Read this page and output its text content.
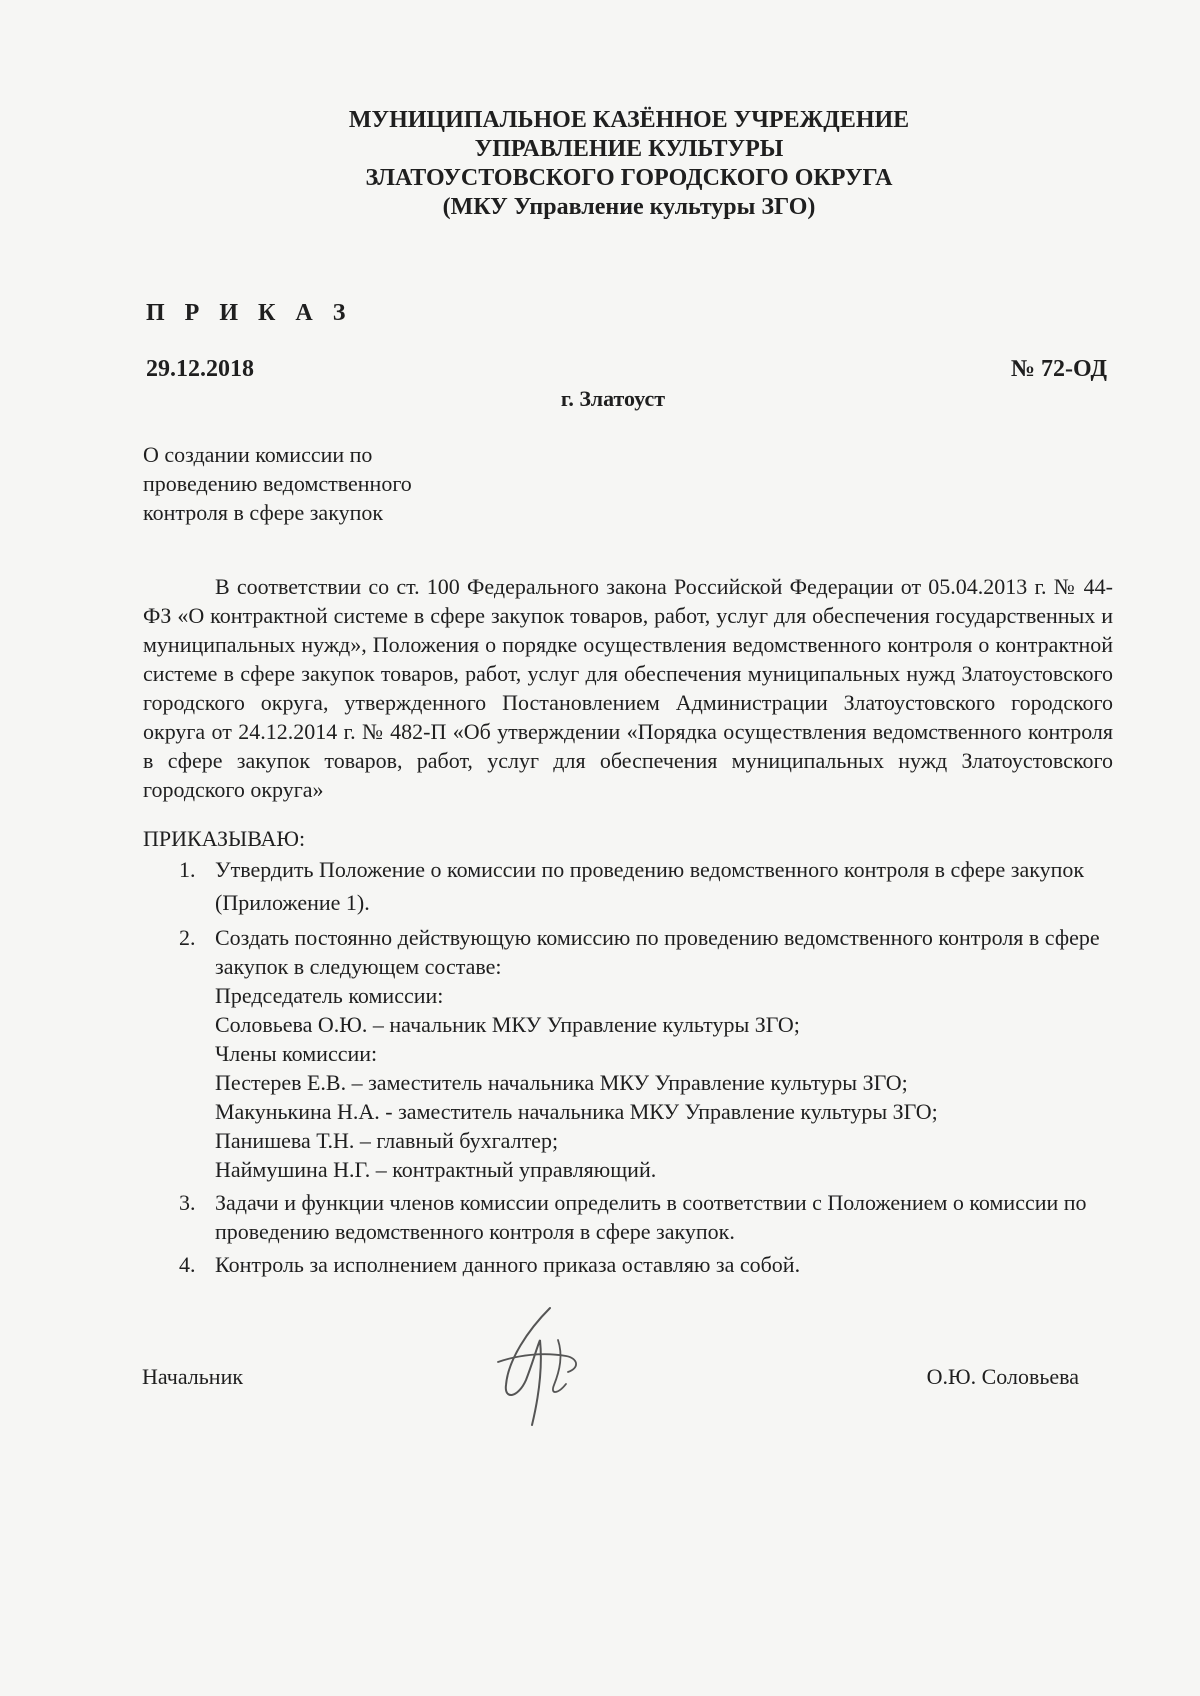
МУНИЦИПАЛЬНОЕ КАЗЁННОЕ УЧРЕЖДЕНИЕ
УПРАВЛЕНИЕ КУЛЬТУРЫ
ЗЛАТОУСТОВСКОГО ГОРОДСКОГО ОКРУГА
(МКУ Управление культуры ЗГО)
П Р И К А З
29.12.2018	№ 72-ОД
г. Златоуст
О создании комиссии по
проведению ведомственного
контроля в сфере закупок
В соответствии со ст. 100 Федерального закона Российской Федерации от 05.04.2013 г. № 44-ФЗ «О контрактной системе в сфере закупок товаров, работ, услуг для обеспечения государственных и муниципальных нужд», Положения о порядке осуществления ведомственного контроля о контрактной системе в сфере закупок товаров, работ, услуг для обеспечения муниципальных нужд Златоустовского городского округа, утвержденного Постановлением Администрации Златоустовского городского округа от 24.12.2014 г. № 482-П «Об утверждении «Порядка осуществления ведомственного контроля в сфере закупок товаров, работ, услуг для обеспечения муниципальных нужд Златоустовского городского округа»
ПРИКАЗЫВАЮ:
1. Утвердить Положение о комиссии по проведению ведомственного контроля в сфере закупок (Приложение 1).
2. Создать постоянно действующую комиссию по проведению ведомственного контроля в сфере закупок в следующем составе:
Председатель комиссии:
Соловьева О.Ю. – начальник МКУ Управление культуры ЗГО;
Члены комиссии:
Пестерев Е.В. – заместитель начальника МКУ Управление культуры ЗГО;
Макунькина Н.А. - заместитель начальника МКУ Управление культуры ЗГО;
Панишева Т.Н. – главный бухгалтер;
Наймушина Н.Г. – контрактный управляющий.
3. Задачи и функции членов комиссии определить в соответствии с Положением о комиссии по проведению ведомственного контроля в сфере закупок.
4. Контроль за исполнением данного приказа оставляю за собой.
Начальник	О.Ю. Соловьева
